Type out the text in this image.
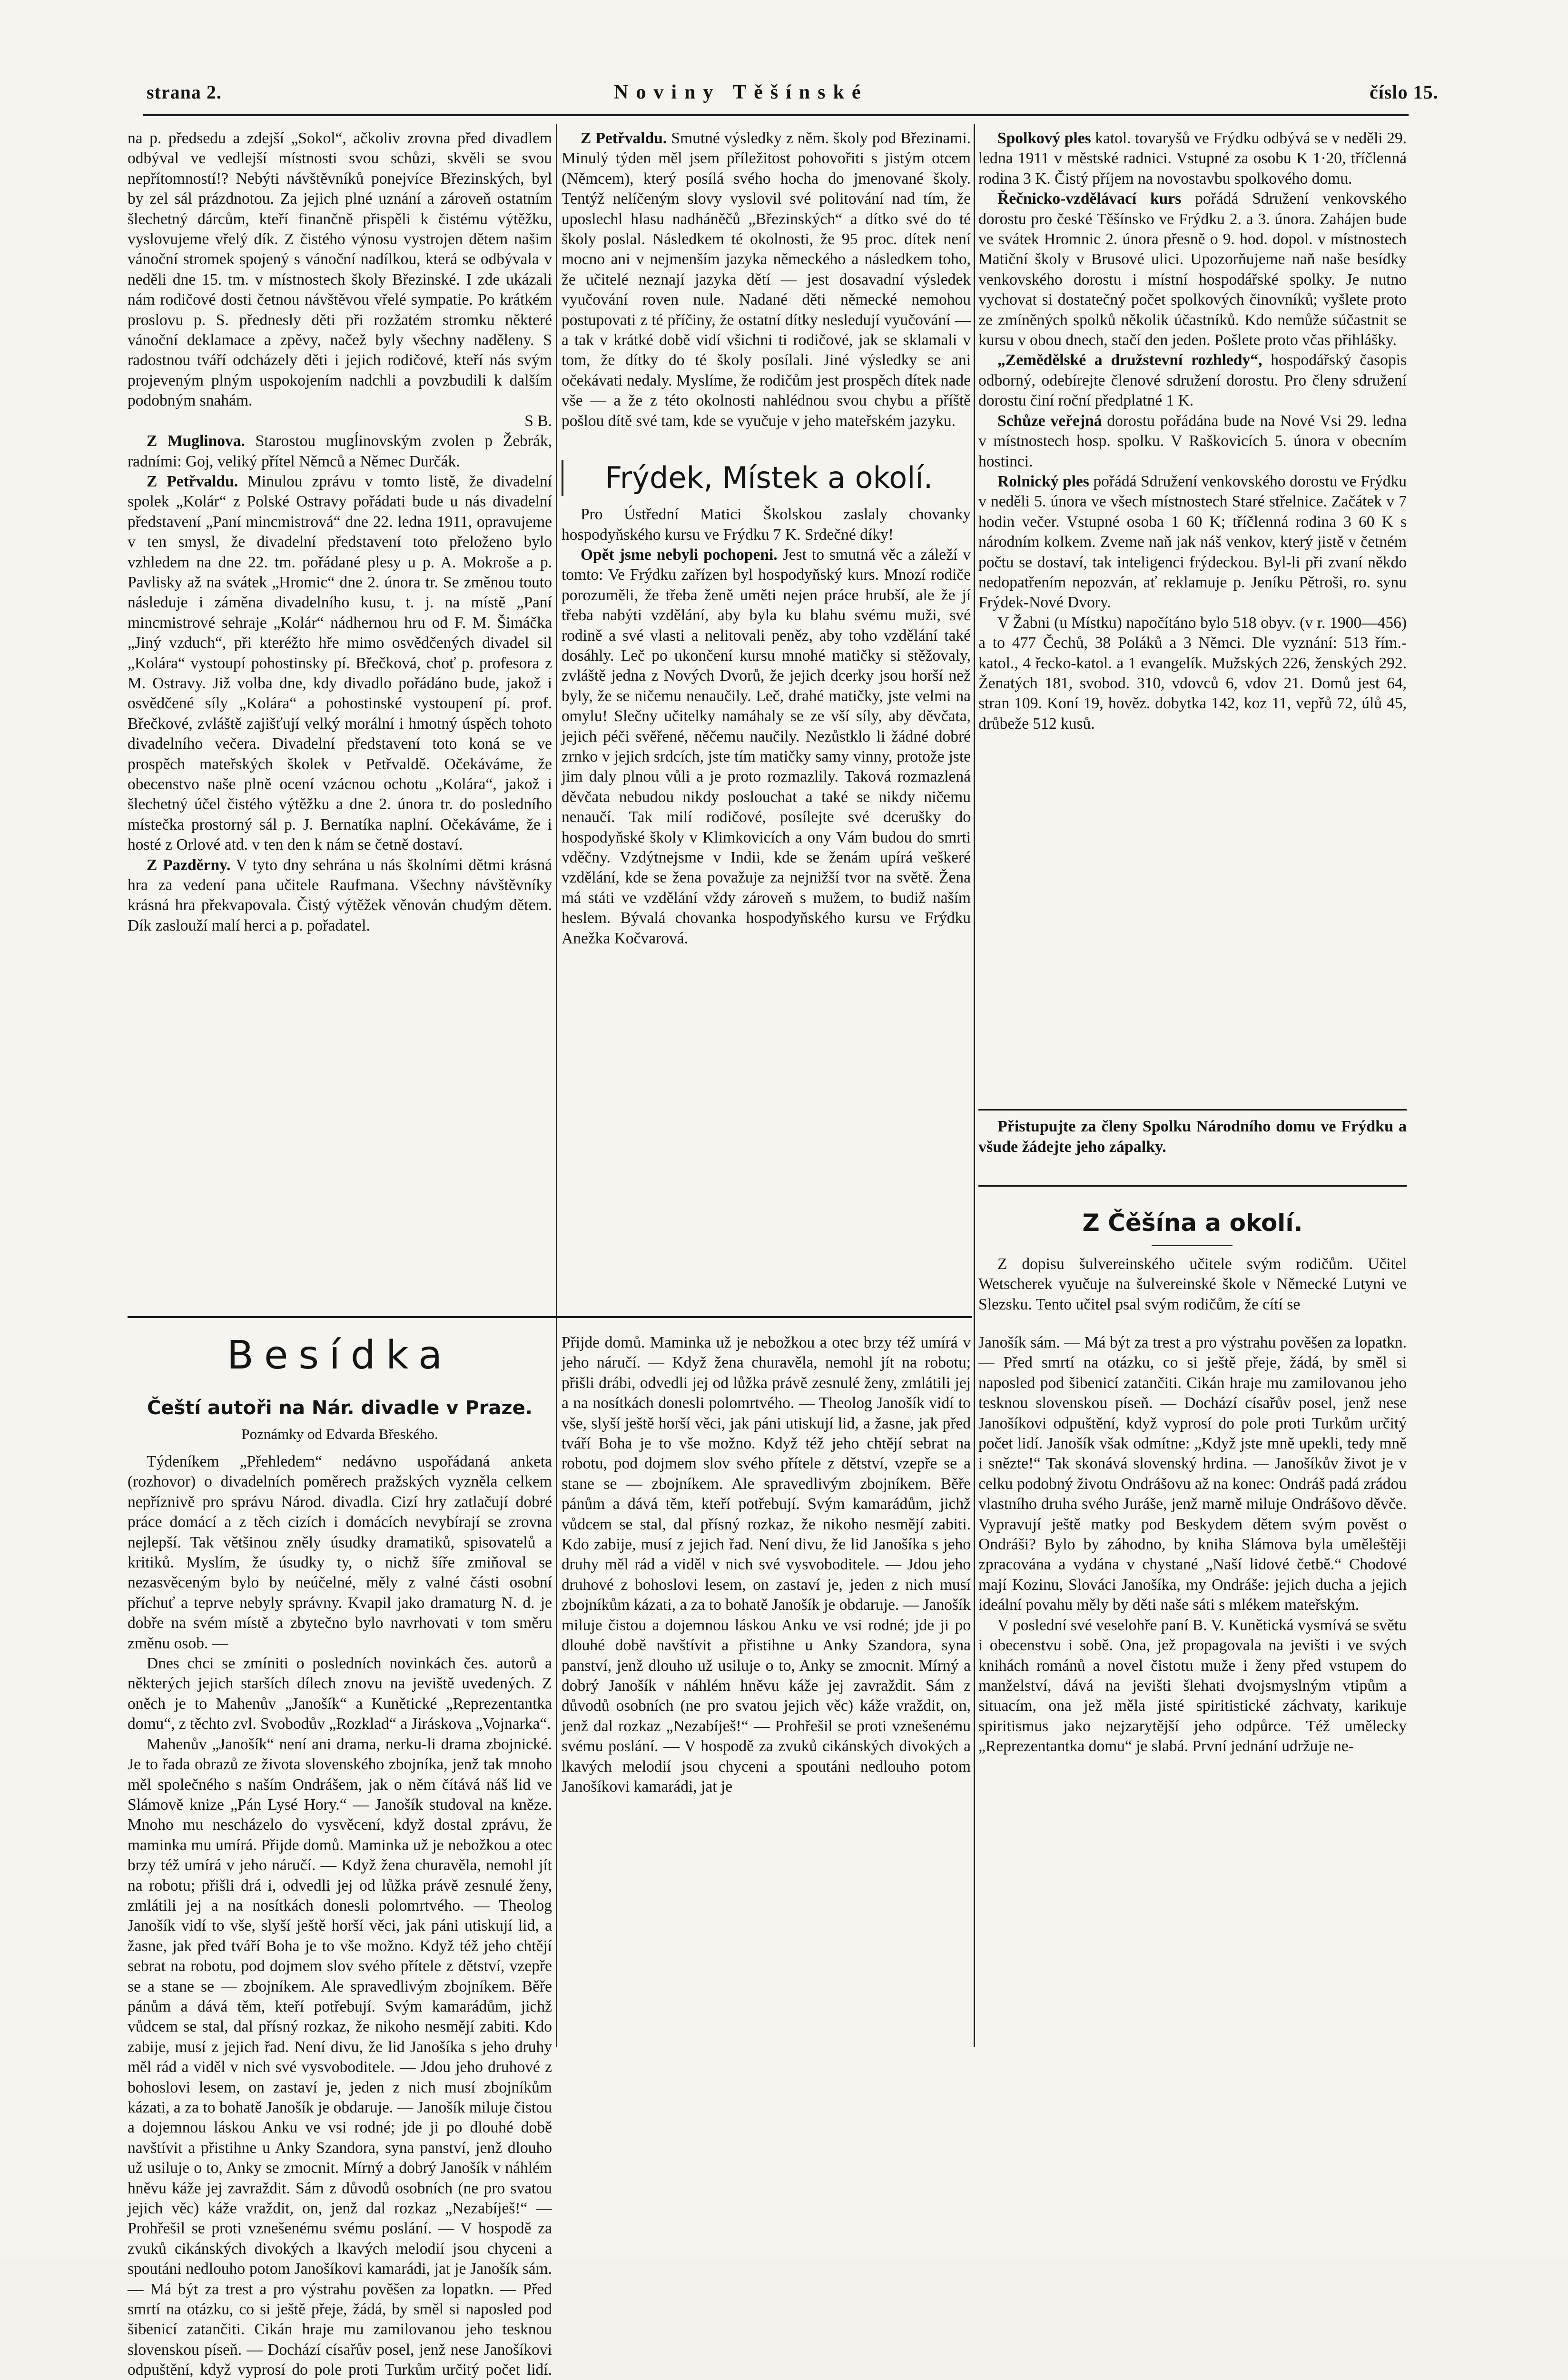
strana 2.	Noviny Těšínské	číslo 15.

na p. předsedu a zdejší „Sokol“, ačkoliv zrovna před divadlem odbýval ve vedlejší místnosti svou schůzi, skvěli se svou nepřítomností!? Nebýti návštěvníků ponejvíce Březinských, byl by zel sál prázdnotou. Za jejich plné uznání a zároveň ostatním šlechetný dárcům, kteří finančně přispěli k čistému výtěžku, vyslovujeme vřelý dík. Z čistého výnosu vystrojen dětem našim vánoční stromek spojený s vánoční nadílkou, která se odbývala v neděli dne 15. tm. v místnostech školy Březinské. I zde ukázali nám rodičové dosti četnou návštěvou vřelé sympatie. Po krátkém proslovu p. S. přednesly děti při rozžatém stromku některé vánoční deklamace a zpěvy, načež byly všechny naděleny. S radostnou tváří odcházely děti i jejich rodičové, kteří nás svým projeveným plným uspokojením nadchli a povzbudili k dalším podobným snahám.

S B.

Z Muglinova. Starostou mugĺinovským zvolen p Žebrák, radními: Goj, veliký přítel Němců a Němec Durčák.

Z Petřvaldu. Minulou zprávu v tomto listě, že divadelní spolek „Kolár“ z Polské Ostravy pořádati bude u nás divadelní představení „Paní mincmistrová“ dne 22. ledna 1911, opravujeme v ten smysl, že divadelní představení toto přeloženo bylo vzhledem na dne 22. tm. pořádané plesy u p. A. Mokroše a p. Pavlisky až na svátek „Hromic“ dne 2. února tr. Se změnou touto následuje i záměna divadelního kusu, t. j. na místě „Paní mincmistrové sehraje „Kolár“ nádhernou hru od F. M. Šimáčka „Jiný vzduch“, při kteréžto hře mimo osvědčených divadel sil „Kolára“ vystoupí pohostinsky pí. Břečková, choť p. profesora z M. Ostravy. Již volba dne, kdy divadlo pořádáno bude, jakož i osvědčené síly „Kolára“ a pohostinské vystoupení pí. prof. Břečkové, zvláště zajišťují velký morální i hmotný úspěch tohoto divadelního večera. Divadelní představení toto koná se ve prospěch mateřských školek v Petřvaldě. Očekáváme, že obecenstvo naše plně ocení vzácnou ochotu „Kolára“, jakož i šlechetný účel čistého výtěžku a dne 2. února tr. do posledního místečka prostorný sál p. J. Bernatíka naplní. Očekáváme, že i hosté z Orlové atd. v ten den k nám se četně dostaví.

Z Pazděrny. V tyto dny sehrána u nás školními dětmi krásná hra za vedení pana učitele Raufmana. Všechny návštěvníky krásná hra překvapovala. Čistý výtěžek věnován chudým dětem. Dík zaslouží malí herci a p. pořadatel.

Z Petřvaldu. Smutné výsledky z něm. školy pod Březinami. Minulý týden měl jsem příležitost pohovořiti s jistým otcem (Němcem), který posílá svého hocha do jmenované školy. Tentýž nelíčeným slovy vyslovil své politování nad tím, že uposlechl hlasu nadháněčů „Březinských“ a dítko své do té školy poslal. Následkem té okolnosti, že 95 proc. dítek není mocno ani v nejmenším jazyka německého a následkem toho, že učitelé neznají jazyka dětí — jest dosavadní výsledek vyučování roven nule. Nadané děti německé nemohou postupovati z té příčiny, že ostatní dítky nesledují vyučování — a tak v krátké době vidí všichni ti rodičové, jak se sklamali v tom, že dítky do té školy posílali. Jiné výsledky se ani očekávati nedaly. Myslíme, že rodičům jest prospěch dítek nade vše — a že z této okolnosti nahlédnou svou chybu a příště pošlou dítě své tam, kde se vyučuje v jeho mateřském jazyku.

Frýdek, Místek a okolí.

Pro Ústřední Matici Školskou zaslaly chovanky hospodyňského kursu ve Frýdku 7 K. Srdečné díky!

Opět jsme nebyli pochopeni. Jest to smutná věc a záleží v tomto: Ve Frýdku zařízen byl hospodyňský kurs. Mnozí rodiče porozuměli, že třeba ženě uměti nejen práce hrubší, ale že jí třeba nabýti vzdělání, aby byla ku blahu svému muži, své rodině a své vlasti a nelitovali peněz, aby toho vzdělání také dosáhly. Leč po ukončení kursu mnohé matičky si stěžovaly, zvláště jedna z Nových Dvorů, že jejich dcerky jsou horší než byly, že se ničemu nenaučily. Leč, drahé matičky, jste velmi na omylu! Slečny učitelky namáhaly se ze vší síly, aby děvčata, jejich péči svěřené, něčemu naučily. Nezůstklo li žádné dobré zrnko v jejich srdcích, jste tím matičky samy vinny, protože jste jim daly plnou vůli a je proto rozmazlily. Taková rozmazlená děvčata nebudou nikdy poslouchat a také se nikdy ničemu nenaučí. Tak milí rodičové, posílejte své dcerušky do hospodyňské školy v Klimkovicích a ony Vám budou do smrti vděčny. Vzdýtnejsme v Indii, kde se ženám upírá veškeré vzdělání, kde se žena považuje za nejnižší tvor na světě. Žena má státi ve vzdělání vždy zároveň s mužem, to budiž naším heslem. Bývalá chovanka hospodyňského kursu ve Frýdku Anežka Kočvarová.

Spolkový ples katol. tovaryšů ve Frýdku odbývá se v neděli 29. ledna 1911 v městské radnici. Vstupné za osobu K 1·20, tříčlenná rodina 3 K. Čistý příjem na novostavbu spolkového domu.

Řečnicko-vzdělávací kurs pořádá Sdružení venkovského dorostu pro české Těšínsko ve Frýdku 2. a 3. února. Zahájen bude ve svátek Hromnic 2. února přesně o 9. hod. dopol. v místnostech Matiční školy v Brusové ulici. Upozorňujeme naň naše besídky venkovského dorostu i místní hospodářské spolky. Je nutno vychovat si dostatečný počet spolkových činovníků; vyšlete proto ze zmíněných spolků několik účastníků. Kdo nemůže súčastnit se kursu v obou dnech, stačí den jeden. Pošlete proto včas přihlášky.

„Zemědělské a družstevní rozhledy“, hospodářský časopis odborný, odebírejte členové sdružení dorostu. Pro členy sdružení dorostu činí roční předplatné 1 K.

Schůze veřejná dorostu pořádána bude na Nové Vsi 29. ledna v místnostech hosp. spolku. V Raškovicích 5. února v obecním hostinci.

Rolnický ples pořádá Sdružení venkovského dorostu ve Frýdku v neděli 5. února ve všech místnostech Staré střelnice. Začátek v 7 hodin večer. Vstupné osoba 1 60 K; tříčlenná rodina 3 60 K s národním kolkem. Zveme naň jak náš venkov, který jistě v četném počtu se dostaví, tak inteligenci frýdeckou. Byl-li při zvaní někdo nedopatřením nepozván, ať reklamuje p. Jeníku Pětroši, ro. synu Frýdek-Nové Dvory.

V Žabni (u Místku) napočítáno bylo 518 obyv. (v r. 1900—456) a to 477 Čechů, 38 Poláků a 3 Němci. Dle vyznání: 513 řím.-katol., 4 řecko-katol. a 1 evangelík. Mužských 226, ženských 292. Ženatých 181, svobod. 310, vdovců 6, vdov 21. Domů jest 64, stran 109. Koní 19, hověz. dobytka 142, koz 11, vepřů 72, úlů 45, drůbeže 512 kusů.

Přistupujte za členy Spolku Národního domu ve Frýdku a všude žádejte jeho zápalky.
Z Čěšína a okolí.
Z dopisu šulvereinského učitele svým rodičům. Učitel Wetscherek vyučuje na šulvereinské škole v Německé Lutyni ve Slezsku. Tento učitel psal svým rodičům, že cítí se
Besídka
Čeští autoři na Nár. divadle v Praze.
Poznámky od Edvarda Břeského.

Týdeníkem „Přehledem“ nedávno uspořádaná anketa (rozhovor) o divadelních poměrech pražských vyzněla celkem nepříznivě pro správu Národ. divadla. Cizí hry zatlačují dobré práce domácí a z těch cizích i domácích nevybírají se zrovna nejlepší. Tak většinou zněly úsudky dramatiků, spisovatelů a kritiků. Myslím, že úsudky ty, o nichž šíře zmiňoval se nezasvěceným bylo by neúčelné, měly z valné části osobní příchuť a teprve nebyly správny. Kvapil jako dramaturg N. d. je dobře na svém místě a zbytečno bylo navrhovati v tom směru změnu osob. —

Dnes chci se zmíniti o posledních novinkách čes. autorů a některých jejich starších dílech znovu na jeviště uvedených. Z oněch je to Mahenův „Janošík“ a Kunětické „Reprezentantka domu“, z těchto zvl. Svobodův „Rozklad“ a Jiráskova „Vojnarka“.

Mahenův „Janošík“ není ani drama, nerku-li drama zbojnické. Je to řada obrazů ze života slovenského zbojníka, jenž tak mnoho měl společného s naším Ondrášem, jak o něm čítává náš lid ve Slámově knize „Pán Lysé Hory.“ — Janošík studoval na kněze. Mnoho mu nescházelo do vysvěcení, když dostal zprávu, že maminka mu umírá. Přijde domů. Maminka už je nebožkou a otec brzy též umírá v jeho náručí. — Když žena churavěla, nemohl jít na robotu; přišli drá i, odvedli jej od lůžka právě zesnulé ženy, zmlátili jej a na nosítkách donesli polomrtvého. — Theolog Janošík vidí to vše, slyší ještě horší věci, jak páni utiskují lid, a žasne, jak před tváří Boha je to vše možno. Když též jeho chtějí sebrat na robotu, pod dojmem slov svého přítele z dětství, vzepře se a stane se — zbojníkem. Ale spravedlivým zbojníkem. Běře pánům a dává těm, kteří potřebují. Svým kamarádům, jichž vůdcem se stal, dal přísný rozkaz, že nikoho nesmějí zabiti. Kdo zabije, musí z jejich řad. Není divu, že lid Janošíka s jeho druhy měl rád a viděl v nich své vysvoboditele. — Jdou jeho druhové z bohoslovi lesem, on zastaví je, jeden z nich musí zbojníkům kázati, a za to bohatě Janošík je obdaruje. — Janošík miluje čistou a dojemnou láskou Anku ve vsi rodné; jde ji po dlouhé době navštívit a přistihne u Anky Szandora, syna panství, jenž dlouho už usiluje o to, Anky se zmocnit. Mírný a dobrý Janošík v náhlém hněvu káže jej zavraždit. Sám z důvodů osobních (ne pro svatou jejich věc) káže vraždit, on, jenž dal rozkaz „Nezabíješ!“ — Prohřešil se proti vznešenému svému poslání. — V hospodě za zvuků cikánských divokých a lkavých melodií jsou chyceni a spoutáni nedlouho potom Janošíkovi kamarádi, jat je Janošík sám. — Má být za trest a pro výstrahu pověšen za lopatkn. — Před smrtí na otázku, co si ještě přeje, žádá, by směl si naposled pod šibenicí zatančiti. Cikán hraje mu zamilovanou jeho tesknou slovenskou píseň. — Dochází císařův posel, jenž nese Janošíkovi odpuštění, když vyprosí do pole proti Turkům určitý počet lidí.

Přijde domů. Maminka už je nebožkou a otec brzy též umírá v jeho náručí. — Když žena churavěla, nemohl jít na robotu; přišli drábi, odvedli jej od lůžka právě zesnulé ženy, zmlátili jej a na nosítkách donesli polomrtvého. — Theolog Janošík vidí to vše, slyší ještě horší věci, jak páni utiskují lid, a žasne, jak před tváří Boha je to vše možno. Když též jeho chtějí sebrat na robotu, pod dojmem slov svého přítele z dětství, vzepře se a stane se — zbojníkem. Ale spravedlivým zbojníkem. Běře pánům a dává těm, kteří potřebují. Svým kamarádům, jichž vůdcem se stal, dal přísný rozkaz, že nikoho nesmějí zabiti. Kdo zabije, musí z jejich řad. Není divu, že lid Janošíka s jeho druhy měl rád a viděl v nich své vysvoboditele. — Jdou jeho druhové z bohoslovi lesem, on zastaví je, jeden z nich musí zbojníkům kázati, a za to bohatě Janošík je obdaruje. — Janošík miluje čistou a dojemnou láskou Anku ve vsi rodné; jde ji po dlouhé době navštívit a přistihne u Anky Szandora, syna panství, jenž dlouho už usiluje o to, Anky se zmocnit. Mírný a dobrý Janošík v náhlém hněvu káže jej zavraždit. Sám z důvodů osobních (ne pro svatou jejich věc) káže vraždit, on, jenž dal rozkaz „Nezabíješ!“ — Prohřešil se proti vznešenému svému poslání. — V hospodě za zvuků cikánských divokých a lkavých melodií jsou chyceni a spoutáni nedlouho potom Janošíkovi kamarádi, jat je

Janošík sám. — Má být za trest a pro výstrahu pověšen za lopatkn. — Před smrtí na otázku, co si ještě přeje, žádá, by směl si naposled pod šibenicí zatančiti. Cikán hraje mu zamilovanou jeho tesknou slovenskou píseň. — Dochází císařův posel, jenž nese Janošíkovi odpuštění, když vyprosí do pole proti Turkům určitý počet lidí. Janošík však odmítne: „Když jste mně upekli, tedy mně i snězte!“ Tak skonává slovenský hrdina. — Janošíkův život je v celku podobný životu Ondrášovu až na konec: Ondráš padá zrádou vlastního druha svého Juráše, jenž marně miluje Ondrášovo děvče. Vypravují ještě matky pod Beskydem dětem svým pověst o Ondráši? Bylo by záhodno, by kniha Slámova byla uměleštěji zpracována a vydána v chystané „Naší lidové četbě.“ Chodové mají Kozinu, Slováci Janošíka, my Ondráše: jejich ducha a jejich ideální povahu měly by děti naše sáti s mlékem mateřským.

V poslední své veselohře paní B. V. Kunětická vysmívá se světu i obecenstvu i sobě. Ona, jež propagovala na jevišti i ve svých knihách románů a novel čistotu muže i ženy před vstupem do manželství, dává na jevišti šlehati dvojsmyslným vtipům a situacím, ona jež měla jisté spiritistické záchvaty, karikuje spiritismus jako nejzarytější jeho odpůrce. Též umělecky „Reprezentantka domu“ je slabá. První jednání udržuje ne-
